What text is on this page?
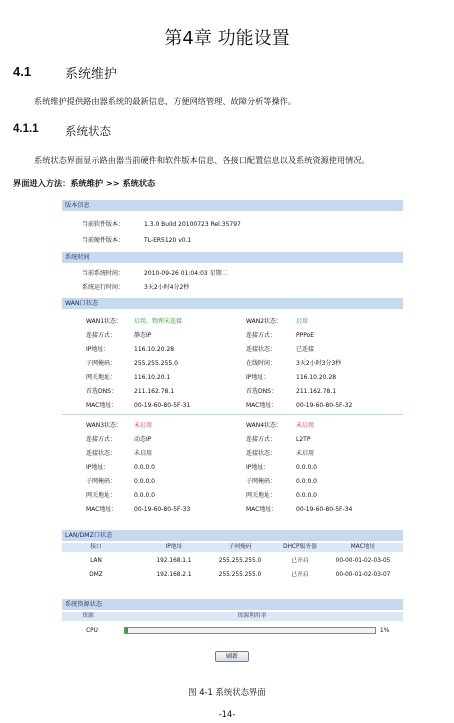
第4章 功能设置
4.1	系统维护
系统维护提供路由器系统的最新信息，方便网络管理、故障分析等操作。
4.1.1 系统状态
系统状态界面显示路由器当前硬件和软件版本信息、各接口配置信息以及系统资源使用情况。
界面进入方法：系统维护 >> 系统状态
版本信息
当前软件版本：	1.3.0 Build 20100723 Rel.35797
当前硬件版本：	TL-ER5120 v0.1
系统时间
当前系统时间：	2010-09-26 01:04:03 星期二
系统运行时间：	3天2小时4分2秒
WAN口状态
WAN1状态： 启用，物理未连接
连接方式：	静态IP
IP地址：	116.10.20.28
子网掩码：	255.255.255.0
网关地址：	116.10.20.1
首选DNS：	211.162.78.1
MAC地址：	00-19-60-80-5F-31
WAN2状态： 启用
连接方式：	PPPoE
连接状态：	已连接
在线时间：	3天2小时3分3秒
IP地址：	116.10.20.28
首选DNS：	211.162.78.1
MAC地址：	00-19-60-80-5F-32
WAN3状态： 未启用
连接方式：	动态IP
连接状态：	未启用
IP地址：	0.0.0.0
子网掩码：	0.0.0.0
网关地址：	0.0.0.0
MAC地址：	00-19-60-80-5F-33
WAN4状态： 未启用
连接方式：	L2TP
连接状态：	未启用
IP地址：	0.0.0.0
子网掩码：	0.0.0.0
网关地址：	0.0.0.0
MAC地址：	00-19-60-80-5F-34
LAN/DMZ口状态
接口	IP地址	子网掩码	DHCP服务器	MAC地址
LAN	192.168.1.1	255.255.255.0	已开启	00-00-01-02-03-05
DMZ	192.168.2.1	255.255.255.0	已开启	00-00-01-02-03-07
系统资源状态
资源	资源利用率
CPU	1%
刷新
图 4-1 系统状态界面
-14-
